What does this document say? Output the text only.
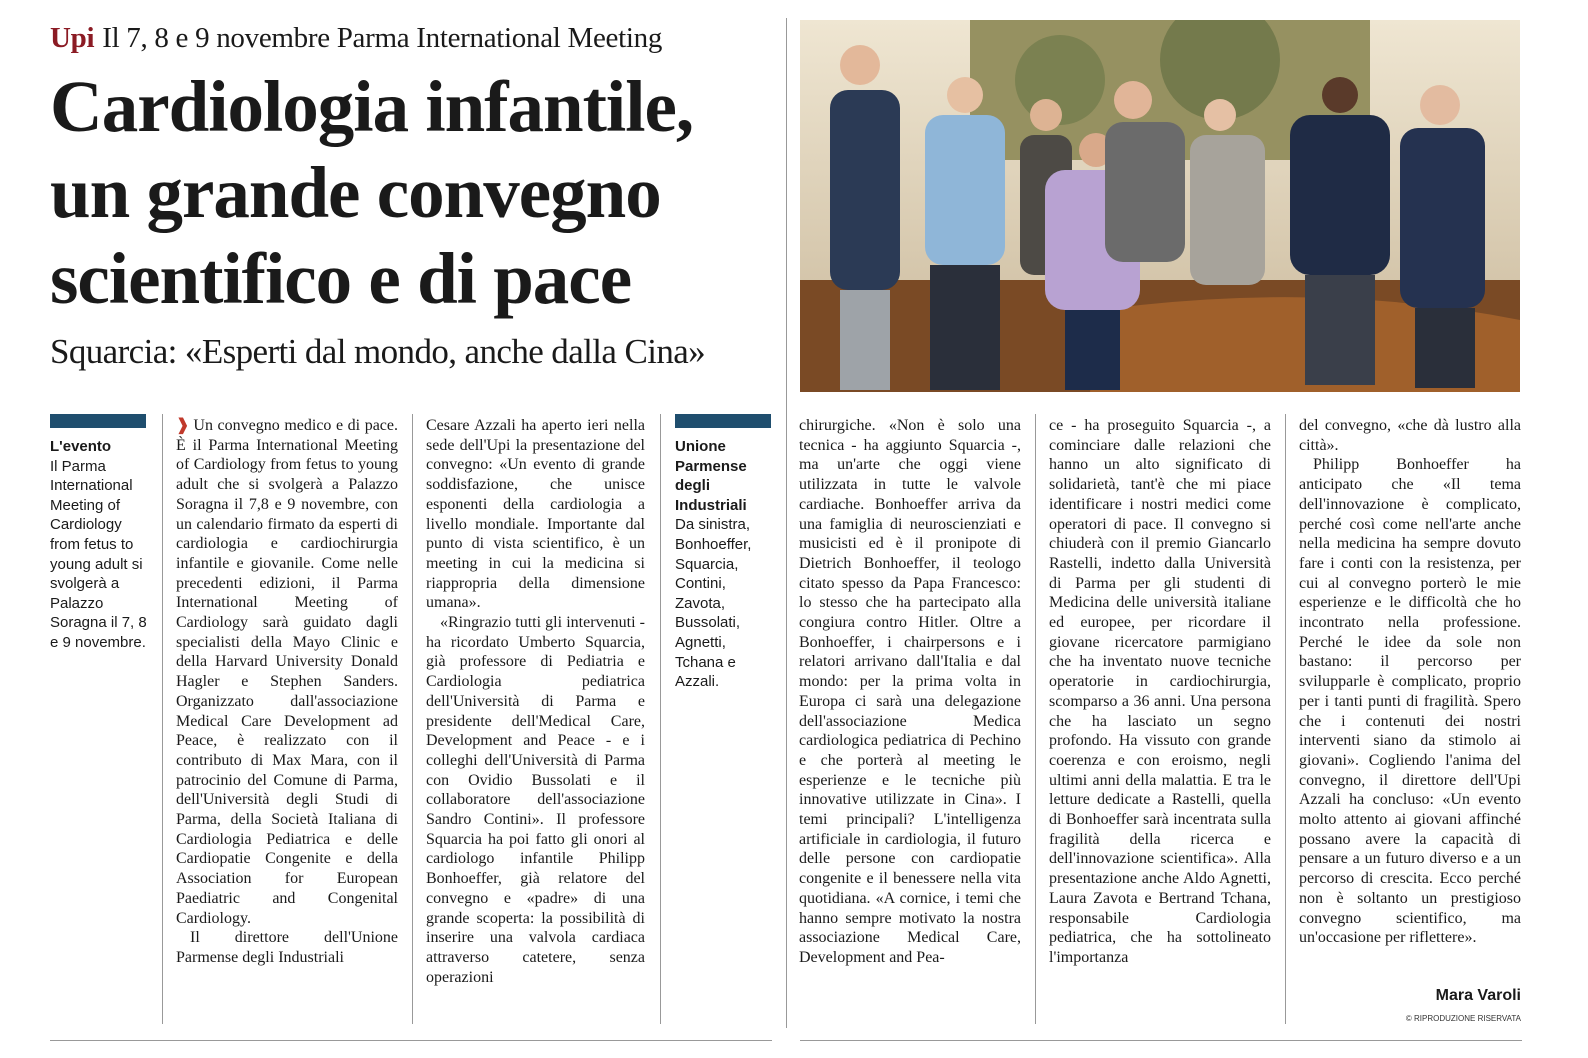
Upi Il 7, 8 e 9 novembre Parma International Meeting
Cardiologia infantile,
un grande convegno
scientifico e di pace
Squarcia: «Esperti dal mondo, anche dalla Cina»
L'evento
Il Parma International Meeting of Cardiology from fetus to young adult si svolgerà a Palazzo Soragna il 7, 8 e 9 novembre.

❱ Un convegno medico e di pace. È il Parma International Meeting of Cardiology from fetus to young adult che si svolgerà a Palazzo Soragna il 7,8 e 9 novembre, con un calendario firmato da esperti di cardiologia e cardiochirurgia infantile e giovanile. Come nelle precedenti edizioni, il Parma International Meeting of Cardiology sarà guidato dagli specialisti della Mayo Clinic e della Harvard University Donald Hagler e Stephen Sanders. Organizzato dall'associazione Medical Care Development ad Peace, è realizzato con il contributo di Max Mara, con il patrocinio del Comune di Parma, dell'Università degli Studi di Parma, della Società Italiana di Cardiologia Pediatrica e delle Cardiopatie Congenite e della Association for European Paediatric and Congenital Cardiology.

Il direttore dell'Unione Parmense degli Industriali

Cesare Azzali ha aperto ieri nella sede dell'Upi la presentazione del convegno: «Un evento di grande soddisfazione, che unisce esponenti della cardiologia a livello mondiale. Importante dal punto di vista scientifico, è un meeting in cui la medicina si riappropria della dimensione umana».

«Ringrazio tutti gli intervenuti - ha ricordato Umberto Squarcia, già professore di Pediatria e Cardiologia pediatrica dell'Università di Parma e presidente dell'Medical Care, Development and Peace - e i colleghi dell'Università di Parma con Ovidio Bussolati e il collaboratore dell'associazione Sandro Contini». Il professore Squarcia ha poi fatto gli onori al cardiologo infantile Philipp Bonhoeffer, già relatore del convegno e «padre» di una grande scoperta: la possibilità di inserire una valvola cardiaca attraverso catetere, senza operazioni

Unione Parmense degli Industriali
Da sinistra, Bonhoeffer, Squarcia, Contini, Zavota, Bussolati, Agnetti, Tchana e Azzali.

chirurgiche. «Non è solo una tecnica - ha aggiunto Squarcia -, ma un'arte che oggi viene utilizzata in tutte le valvole cardiache. Bonhoeffer arriva da una famiglia di neuroscienziati e musicisti ed è il pronipote di Dietrich Bonhoeffer, il teologo citato spesso da Papa Francesco: lo stesso che ha partecipato alla congiura contro Hitler. Oltre a Bonhoeffer, i chairpersons e i relatori arrivano dall'Italia e dal mondo: per la prima volta in Europa ci sarà una delegazione dell'associazione Medica cardiologica pediatrica di Pechino e che porterà al meeting le esperienze e le tecniche più innovative utilizzate in Cina». I temi principali? L'intelligenza artificiale in cardiologia, il futuro delle persone con cardiopatie congenite e il benessere nella vita quotidiana. «A cornice, i temi che hanno sempre motivato la nostra associazione Medical Care, Development and Pea-

ce - ha proseguito Squarcia -, a cominciare dalle relazioni che hanno un alto significato di solidarietà, tant'è che mi piace identificare i nostri medici come operatori di pace. Il convegno si chiuderà con il premio Giancarlo Rastelli, indetto dalla Università di Parma per gli studenti di Medicina delle università italiane ed europee, per ricordare il giovane ricercatore parmigiano che ha inventato nuove tecniche operatorie in cardiochirurgia, scomparso a 36 anni. Una persona che ha lasciato un segno profondo. Ha vissuto con grande coerenza e con eroismo, negli ultimi anni della malattia. E tra le letture dedicate a Rastelli, quella di Bonhoeffer sarà incentrata sulla fragilità della ricerca e dell'innovazione scientifica». Alla presentazione anche Aldo Agnetti, Laura Zavota e Bertrand Tchana, responsabile Cardiologia pediatrica, che ha sottolineato l'importanza

del convegno, «che dà lustro alla città».

Philipp Bonhoeffer ha anticipato che «Il tema dell'innovazione è complicato, perché così come nell'arte anche nella medicina ha sempre dovuto fare i conti con la resistenza, per cui al convegno porterò le mie esperienze e le difficoltà che ho incontrato nella professione. Perché le idee da sole non bastano: il percorso per svilupparle è complicato, proprio per i tanti punti di fragilità. Spero che i contenuti dei nostri interventi siano da stimolo ai giovani». Cogliendo l'anima del convegno, il direttore dell'Upi Azzali ha concluso: «Un evento molto attento ai giovani affinché possano avere la capacità di pensare a un futuro diverso e a un percorso di crescita. Ecco perché non è soltanto un prestigioso convegno scientifico, ma un'occasione per riflettere».

Mara Varoli
© RIPRODUZIONE RISERVATA
